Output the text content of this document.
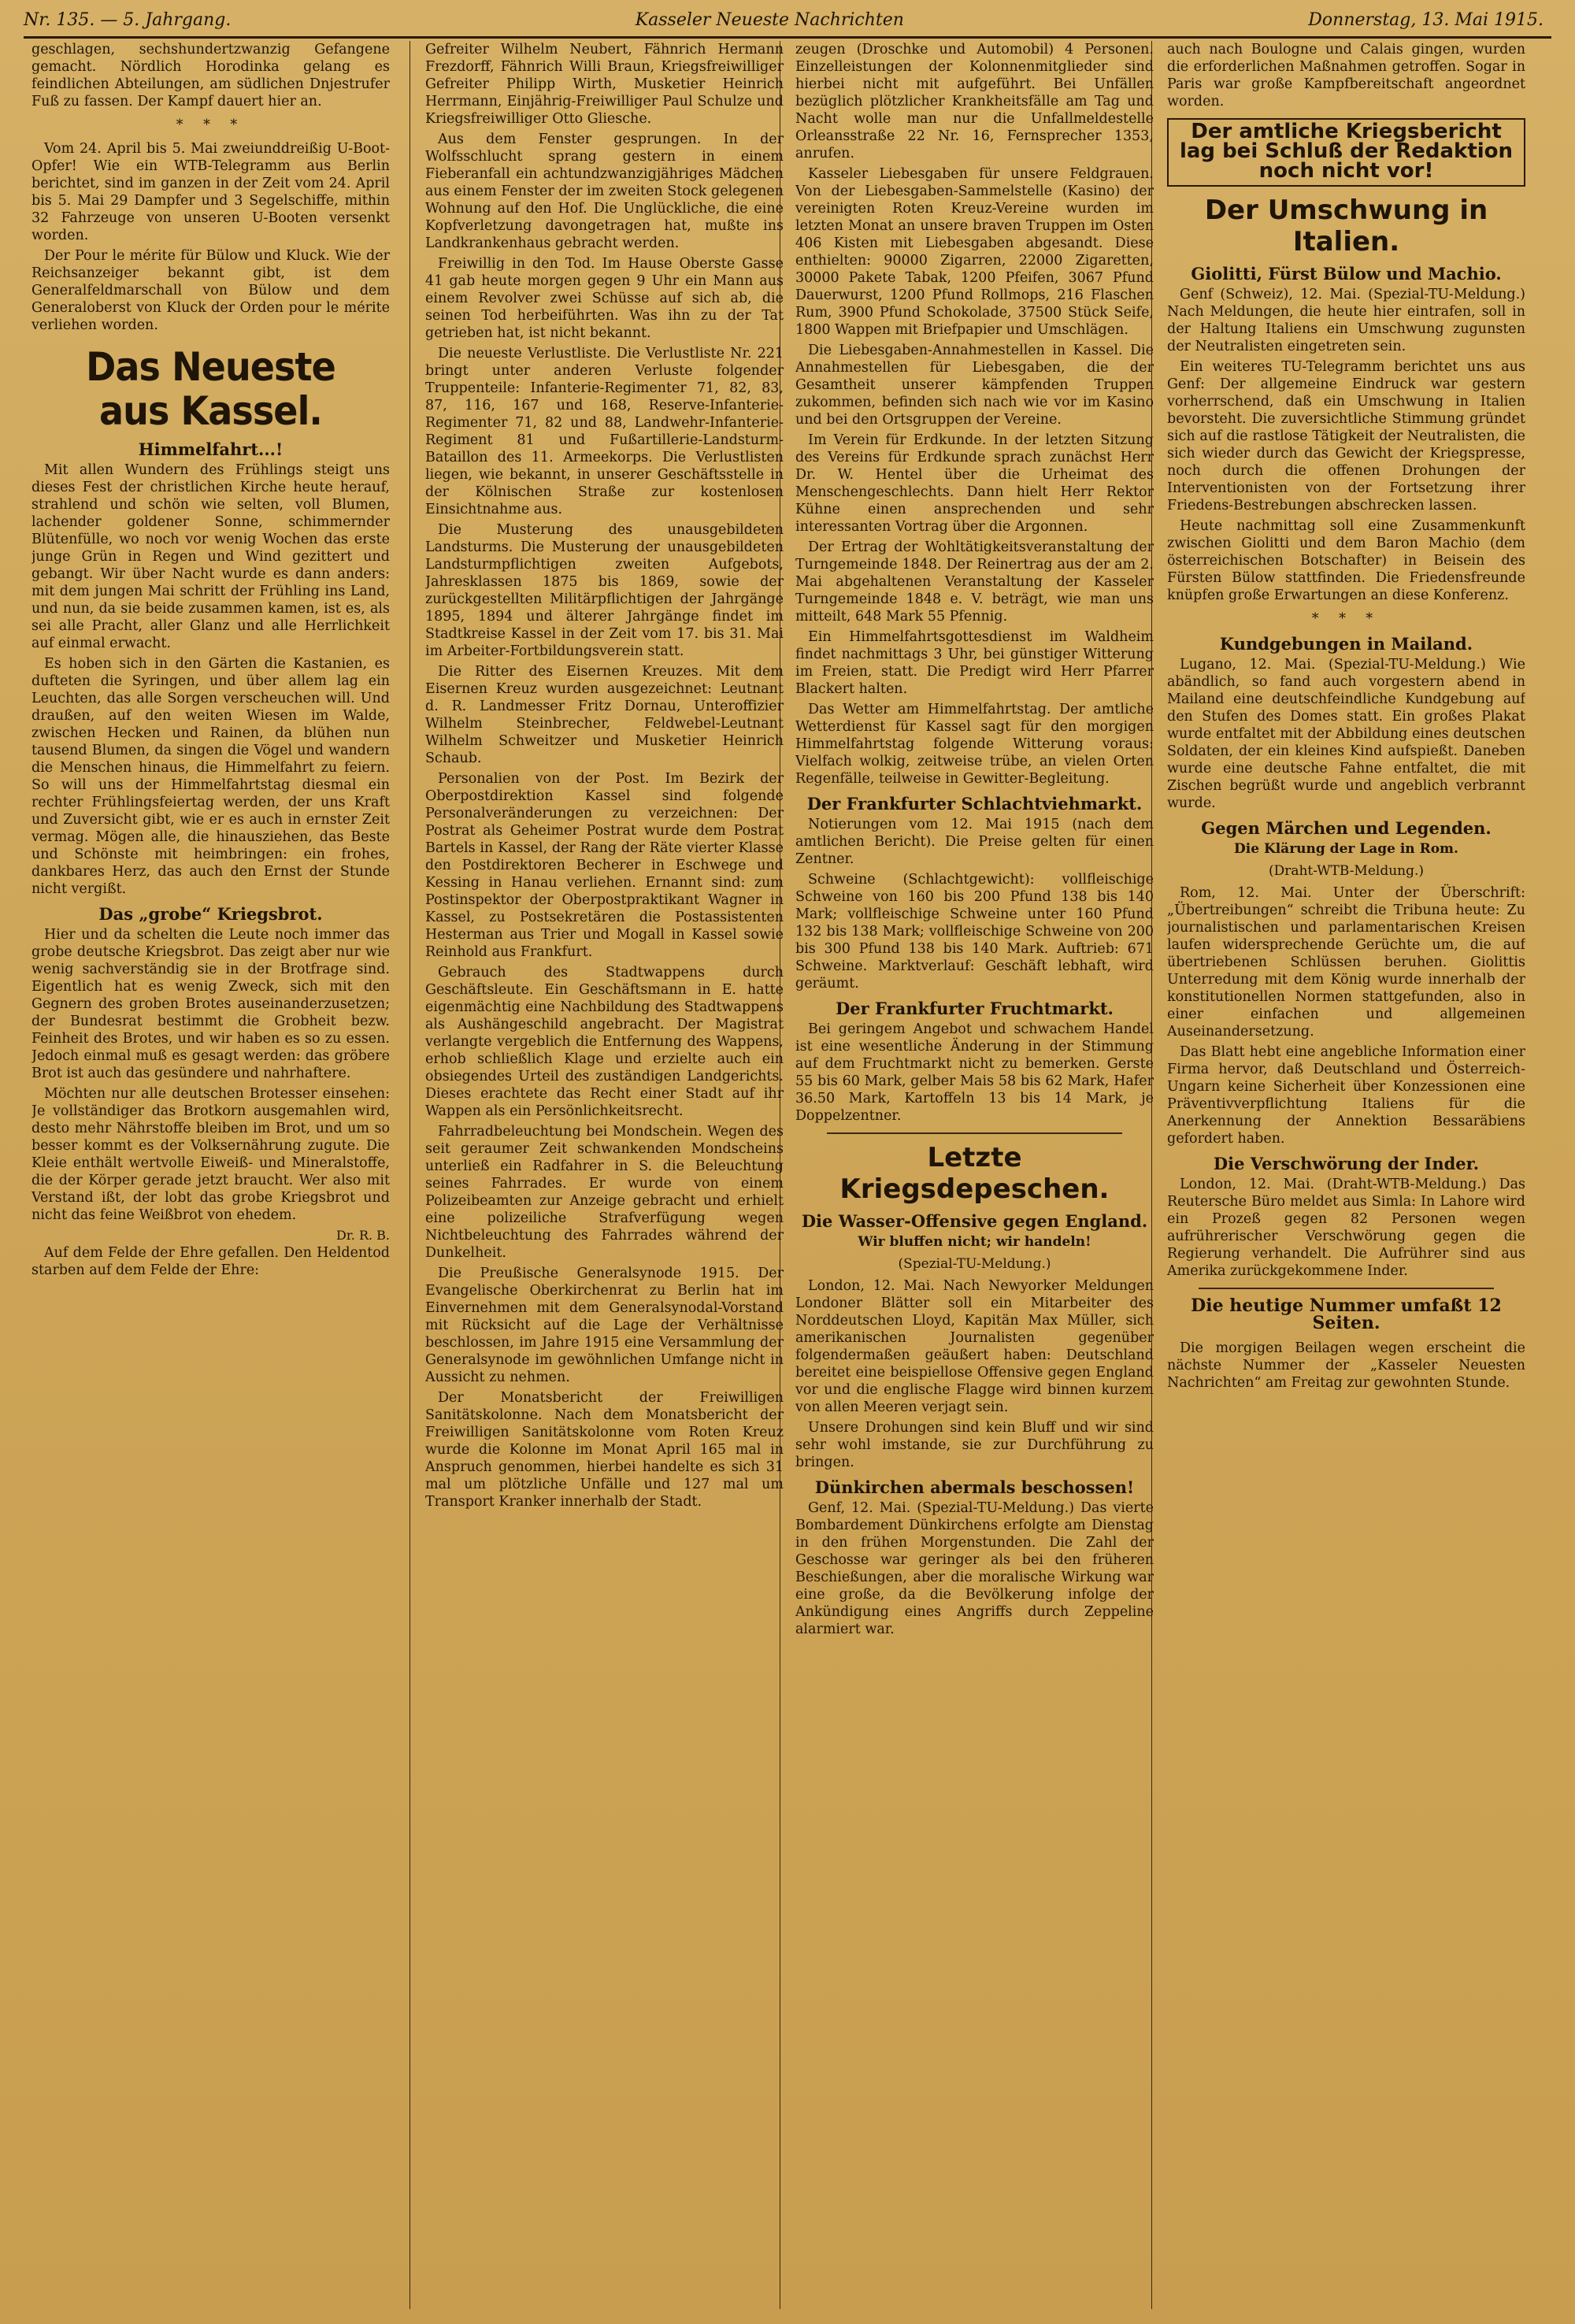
Nr. 135. — 5. Jahrgang.	Kasseler Neueste Nachrichten	Donnerstag, 13. Mai 1915.

geschlagen, sechshundertzwanzig Gefangene gemacht. Nördlich Horodinka gelang es feindlichen Abteilungen, am südlichen Dnjestrufer Fuß zu fassen. Der Kampf dauert hier an.

* * *

Vom 24. April bis 5. Mai zweiunddreißig U-Boot-Opfer! Wie ein WTB-Telegramm aus Berlin berichtet, sind im ganzen in der Zeit vom 24. April bis 5. Mai 29 Dampfer und 3 Segelschiffe, mithin 32 Fahrzeuge von unseren U-Booten versenkt worden.

Der Pour le mérite für Bülow und Kluck. Wie der Reichsanzeiger bekannt gibt, ist dem Generalfeldmarschall von Bülow und dem Generaloberst von Kluck der Orden pour le mérite verliehen worden.

Das Neueste aus Kassel.
Himmelfahrt...!

Mit allen Wundern des Frühlings steigt uns dieses Fest der christlichen Kirche heute herauf, strahlend und schön wie selten, voll Blumen, lachender goldener Sonne, schimmernder Blütenfülle, wo noch vor wenig Wochen das erste junge Grün in Regen und Wind gezittert und gebangt. Wir über Nacht wurde es dann anders: mit dem jungen Mai schritt der Frühling ins Land, und nun, da sie beide zusammen kamen, ist es, als sei alle Pracht, aller Glanz und alle Herrlichkeit auf einmal erwacht.

Es hoben sich in den Gärten die Kastanien, es dufteten die Syringen, und über allem lag ein Leuchten, das alle Sorgen verscheuchen will. Und draußen, auf den weiten Wiesen im Walde, zwischen Hecken und Rainen, da blühen nun tausend Blumen, da singen die Vögel und wandern die Menschen hinaus, die Himmelfahrt zu feiern. So will uns der Himmelfahrtstag diesmal ein rechter Frühlingsfeiertag werden, der uns Kraft und Zuversicht gibt, wie er es auch in ernster Zeit vermag. Mögen alle, die hinausziehen, das Beste und Schönste mit heimbringen: ein frohes, dankbares Herz, das auch den Ernst der Stunde nicht vergißt.

Das „grobe“ Kriegsbrot.

Hier und da schelten die Leute noch immer das grobe deutsche Kriegsbrot. Das zeigt aber nur wie wenig sachverständig sie in der Brotfrage sind. Eigentlich hat es wenig Zweck, sich mit den Gegnern des groben Brotes auseinanderzusetzen; der Bundesrat bestimmt die Grobheit bezw. Feinheit des Brotes, und wir haben es so zu essen. Jedoch einmal muß es gesagt werden: das gröbere Brot ist auch das gesündere und nahrhaftere.

Möchten nur alle deutschen Brotesser einsehen: Je vollständiger das Brotkorn ausgemahlen wird, desto mehr Nährstoffe bleiben im Brot, und um so besser kommt es der Volksernährung zugute. Die Kleie enthält wertvolle Eiweiß- und Mineralstoffe, die der Körper gerade jetzt braucht. Wer also mit Verstand ißt, der lobt das grobe Kriegsbrot und nicht das feine Weißbrot von ehedem.

Dr. R. B.

Auf dem Felde der Ehre gefallen. Den Heldentod starben auf dem Felde der Ehre:

Gefreiter Wilhelm Neubert, Fähnrich Hermann Frezdorff, Fähnrich Willi Braun, Kriegsfreiwilliger Gefreiter Philipp Wirth, Musketier Heinrich Herrmann, Einjährig-Freiwilliger Paul Schulze und Kriegsfreiwilliger Otto Gliesche.

Aus dem Fenster gesprungen. In der Wolfsschlucht sprang gestern in einem Fieberanfall ein achtundzwanzigjähriges Mädchen aus einem Fenster der im zweiten Stock gelegenen Wohnung auf den Hof. Die Unglückliche, die eine Kopfverletzung davongetragen hat, mußte ins Landkrankenhaus gebracht werden.

Freiwillig in den Tod. Im Hause Oberste Gasse 41 gab heute morgen gegen 9 Uhr ein Mann aus einem Revolver zwei Schüsse auf sich ab, die seinen Tod herbeiführten. Was ihn zu der Tat getrieben hat, ist nicht bekannt.

Die neueste Verlustliste. Die Verlustliste Nr. 221 bringt unter anderen Verluste folgender Truppenteile: Infanterie-Regimenter 71, 82, 83, 87, 116, 167 und 168, Reserve-Infanterie-Regimenter 71, 82 und 88, Landwehr-Infanterie-Regiment 81 und Fußartillerie-Landsturm-Bataillon des 11. Armeekorps. Die Verlustlisten liegen, wie bekannt, in unserer Geschäftsstelle in der Kölnischen Straße zur kostenlosen Einsichtnahme aus.

Die Musterung des unausgebildeten Landsturms. Die Musterung der unausgebildeten Landsturmpflichtigen zweiten Aufgebots, Jahresklassen 1875 bis 1869, sowie der zurückgestellten Militärpflichtigen der Jahrgänge 1895, 1894 und älterer Jahrgänge findet im Stadtkreise Kassel in der Zeit vom 17. bis 31. Mai im Arbeiter-Fortbildungsverein statt.

Die Ritter des Eisernen Kreuzes. Mit dem Eisernen Kreuz wurden ausgezeichnet: Leutnant d. R. Landmesser Fritz Dornau, Unteroffizier Wilhelm Steinbrecher, Feldwebel-Leutnant Wilhelm Schweitzer und Musketier Heinrich Schaub.

Personalien von der Post. Im Bezirk der Oberpostdirektion Kassel sind folgende Personalveränderungen zu verzeichnen: Der Postrat als Geheimer Postrat wurde dem Postrat Bartels in Kassel, der Rang der Räte vierter Klasse den Postdirektoren Becherer in Eschwege und Kessing in Hanau verliehen. Ernannt sind: zum Postinspektor der Oberpostpraktikant Wagner in Kassel, zu Postsekretären die Postassistenten Hesterman aus Trier und Mogall in Kassel sowie Reinhold aus Frankfurt.

Gebrauch des Stadtwappens durch Geschäftsleute. Ein Geschäftsmann in E. hatte eigenmächtig eine Nachbildung des Stadtwappens als Aushängeschild angebracht. Der Magistrat verlangte vergeblich die Entfernung des Wappens, erhob schließlich Klage und erzielte auch ein obsiegendes Urteil des zuständigen Landgerichts. Dieses erachtete das Recht einer Stadt auf ihr Wappen als ein Persönlichkeitsrecht.

Fahrradbeleuchtung bei Mondschein. Wegen des seit geraumer Zeit schwankenden Mondscheins unterließ ein Radfahrer in S. die Beleuchtung seines Fahrrades. Er wurde von einem Polizeibeamten zur Anzeige gebracht und erhielt eine polizeiliche Strafverfügung wegen Nichtbeleuchtung des Fahrrades während der Dunkelheit.

Die Preußische Generalsynode 1915. Der Evangelische Oberkirchenrat zu Berlin hat im Einvernehmen mit dem Generalsynodal-Vorstand mit Rücksicht auf die Lage der Verhältnisse beschlossen, im Jahre 1915 eine Versammlung der Generalsynode im gewöhnlichen Umfange nicht in Aussicht zu nehmen.

Der Monatsbericht der Freiwilligen Sanitätskolonne. Nach dem Monatsbericht der Freiwilligen Sanitätskolonne vom Roten Kreuz wurde die Kolonne im Monat April 165 mal in Anspruch genommen, hierbei handelte es sich 31 mal um plötzliche Unfälle und 127 mal um Transport Kranker innerhalb der Stadt.

zeugen (Droschke und Automobil) 4 Personen. Einzelleistungen der Kolonnenmitglieder sind hierbei nicht mit aufgeführt. Bei Unfällen bezüglich plötzlicher Krankheitsfälle am Tag und Nacht wolle man nur die Unfallmeldestelle Orleansstraße 22 Nr. 16, Fernsprecher 1353, anrufen.

Kasseler Liebesgaben für unsere Feldgrauen. Von der Liebesgaben-Sammelstelle (Kasino) der vereinigten Roten Kreuz-Vereine wurden im letzten Monat an unsere braven Truppen im Osten 406 Kisten mit Liebesgaben abgesandt. Diese enthielten: 90000 Zigarren, 22000 Zigaretten, 30000 Pakete Tabak, 1200 Pfeifen, 3067 Pfund Dauerwurst, 1200 Pfund Rollmops, 216 Flaschen Rum, 3900 Pfund Schokolade, 37500 Stück Seife, 1800 Wappen mit Briefpapier und Umschlägen.

Die Liebesgaben-Annahmestellen in Kassel. Die Annahmestellen für Liebesgaben, die der Gesamtheit unserer kämpfenden Truppen zukommen, befinden sich nach wie vor im Kasino und bei den Ortsgruppen der Vereine.

Im Verein für Erdkunde. In der letzten Sitzung des Vereins für Erdkunde sprach zunächst Herr Dr. W. Hentel über die Urheimat des Menschengeschlechts. Dann hielt Herr Rektor Kühne einen ansprechenden und sehr interessanten Vortrag über die Argonnen.

Der Ertrag der Wohltätigkeitsveranstaltung der Turngemeinde 1848. Der Reinertrag aus der am 2. Mai abgehaltenen Veranstaltung der Kasseler Turngemeinde 1848 e. V. beträgt, wie man uns mitteilt, 648 Mark 55 Pfennig.

Ein Himmelfahrtsgottesdienst im Waldheim findet nachmittags 3 Uhr, bei günstiger Witterung im Freien, statt. Die Predigt wird Herr Pfarrer Blackert halten.

Das Wetter am Himmelfahrtstag. Der amtliche Wetterdienst für Kassel sagt für den morgigen Himmelfahrtstag folgende Witterung voraus: Vielfach wolkig, zeitweise trübe, an vielen Orten Regenfälle, teilweise in Gewitter-Begleitung.

Der Frankfurter Schlachtviehmarkt.

Notierungen vom 12. Mai 1915 (nach dem amtlichen Bericht). Die Preise gelten für einen Zentner.

Schweine (Schlachtgewicht): vollfleischige Schweine von 160 bis 200 Pfund 138 bis 140 Mark; vollfleischige Schweine unter 160 Pfund 132 bis 138 Mark; vollfleischige Schweine von 200 bis 300 Pfund 138 bis 140 Mark. Auftrieb: 671 Schweine. Marktverlauf: Geschäft lebhaft, wird geräumt.

Der Frankfurter Fruchtmarkt.

Bei geringem Angebot und schwachem Handel ist eine wesentliche Änderung in der Stimmung auf dem Fruchtmarkt nicht zu bemerken. Gerste 55 bis 60 Mark, gelber Mais 58 bis 62 Mark, Hafer 36.50 Mark, Kartoffeln 13 bis 14 Mark, je Doppelzentner.

Letzte Kriegsdepeschen.
Die Wasser-Offensive gegen England.
Wir bluffen nicht; wir handeln!
(Spezial-TU-Meldung.)

London, 12. Mai. Nach Newyorker Meldungen Londoner Blätter soll ein Mitarbeiter des Norddeutschen Lloyd, Kapitän Max Müller, sich amerikanischen Journalisten gegenüber folgendermaßen geäußert haben: Deutschland bereitet eine beispiellose Offensive gegen England vor und die englische Flagge wird binnen kurzem von allen Meeren verjagt sein.

Unsere Drohungen sind kein Bluff und wir sind sehr wohl imstande, sie zur Durchführung zu bringen.

Dünkirchen abermals beschossen!

Genf, 12. Mai. (Spezial-TU-Meldung.) Das vierte Bombardement Dünkirchens erfolgte am Dienstag in den frühen Morgenstunden. Die Zahl der Geschosse war geringer als bei den früheren Beschießungen, aber die moralische Wirkung war eine große, da die Bevölkerung infolge der Ankündigung eines Angriffs durch Zeppeline alarmiert war.

auch nach Boulogne und Calais gingen, wurden die erforderlichen Maßnahmen getroffen. Sogar in Paris war große Kampfbereitschaft angeordnet worden.

Der amtliche Kriegsbericht lag bei Schluß der Redaktion noch nicht vor!
Der Umschwung in Italien.
Giolitti, Fürst Bülow und Machio.

Genf (Schweiz), 12. Mai. (Spezial-TU-Meldung.) Nach Meldungen, die heute hier eintrafen, soll in der Haltung Italiens ein Umschwung zugunsten der Neutralisten eingetreten sein.

Ein weiteres TU-Telegramm berichtet uns aus Genf: Der allgemeine Eindruck war gestern vorherrschend, daß ein Umschwung in Italien bevorsteht. Die zuversichtliche Stimmung gründet sich auf die rastlose Tätigkeit der Neutralisten, die sich wieder durch das Gewicht der Kriegspresse, noch durch die offenen Drohungen der Interventionisten von der Fortsetzung ihrer Friedens-Bestrebungen abschrecken lassen.

Heute nachmittag soll eine Zusammenkunft zwischen Giolitti und dem Baron Machio (dem österreichischen Botschafter) in Beisein des Fürsten Bülow stattfinden. Die Friedensfreunde knüpfen große Erwartungen an diese Konferenz.

* * *
Kundgebungen in Mailand.

Lugano, 12. Mai. (Spezial-TU-Meldung.) Wie abändlich, so fand auch vorgestern abend in Mailand eine deutschfeindliche Kundgebung auf den Stufen des Domes statt. Ein großes Plakat wurde entfaltet mit der Abbildung eines deutschen Soldaten, der ein kleines Kind aufspießt. Daneben wurde eine deutsche Fahne entfaltet, die mit Zischen begrüßt wurde und angeblich verbrannt wurde.

Gegen Märchen und Legenden.
Die Klärung der Lage in Rom.
(Draht-WTB-Meldung.)

Rom, 12. Mai. Unter der Überschrift: „Übertreibungen“ schreibt die Tribuna heute: Zu journalistischen und parlamentarischen Kreisen laufen widersprechende Gerüchte um, die auf übertriebenen Schlüssen beruhen. Giolittis Unterredung mit dem König wurde innerhalb der konstitutionellen Normen stattgefunden, also in einer einfachen und allgemeinen Auseinandersetzung.

Das Blatt hebt eine angebliche Information einer Firma hervor, daß Deutschland und Österreich-Ungarn keine Sicherheit über Konzessionen eine Präventivverpflichtung Italiens für die Anerkennung der Annektion Bessaräbiens gefordert haben.

Die Verschwörung der Inder.

London, 12. Mai. (Draht-WTB-Meldung.) Das Reutersche Büro meldet aus Simla: In Lahore wird ein Prozeß gegen 82 Personen wegen aufrührerischer Verschwörung gegen die Regierung verhandelt. Die Aufrührer sind aus Amerika zurückgekommene Inder.

Die heutige Nummer umfaßt 12 Seiten.

Die morgigen Beilagen wegen erscheint die nächste Nummer der „Kasseler Neuesten Nachrichten“ am Freitag zur gewohnten Stunde.
